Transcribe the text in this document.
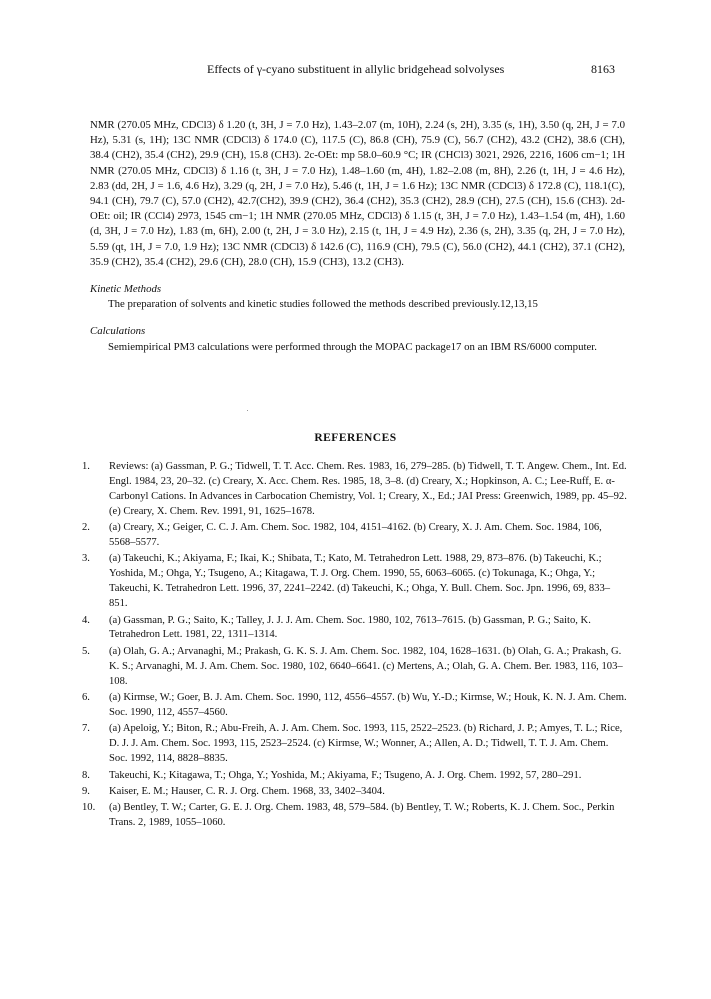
Effects of γ-cyano substituent in allylic bridgehead solvolyses	8163

NMR (270.05 MHz, CDCl3) δ 1.20 (t, 3H, J = 7.0 Hz), 1.43–2.07 (m, 10H), 2.24 (s, 2H), 3.35 (s, 1H), 3.50 (q, 2H, J = 7.0 Hz), 5.31 (s, 1H); 13C NMR (CDCl3) δ 174.0 (C), 117.5 (C), 86.8 (CH), 75.9 (C), 56.7 (CH2), 43.2 (CH2), 38.6 (CH), 38.4 (CH2), 35.4 (CH2), 29.9 (CH), 15.8 (CH3). 2c-OEt: mp 58.0–60.9 °C; IR (CHCl3) 3021, 2926, 2216, 1606 cm−1; 1H NMR (270.05 MHz, CDCl3) δ 1.16 (t, 3H, J = 7.0 Hz), 1.48–1.60 (m, 4H), 1.82–2.08 (m, 8H), 2.26 (t, 1H, J = 4.6 Hz), 2.83 (dd, 2H, J = 1.6, 4.6 Hz), 3.29 (q, 2H, J = 7.0 Hz), 5.46 (t, 1H, J = 1.6 Hz); 13C NMR (CDCl3) δ 172.8 (C), 118.1(C), 94.1 (CH), 79.7 (C), 57.0 (CH2), 42.7(CH2), 39.9 (CH2), 36.4 (CH2), 35.3 (CH2), 28.9 (CH), 27.5 (CH), 15.6 (CH3). 2d-OEt: oil; IR (CCl4) 2973, 1545 cm−1; 1H NMR (270.05 MHz, CDCl3) δ 1.15 (t, 3H, J = 7.0 Hz), 1.43–1.54 (m, 4H), 1.60 (d, 3H, J = 7.0 Hz), 1.83 (m, 6H), 2.00 (t, 2H, J = 3.0 Hz), 2.15 (t, 1H, J = 4.9 Hz), 2.36 (s, 2H), 3.35 (q, 2H, J = 7.0 Hz), 5.59 (qt, 1H, J = 7.0, 1.9 Hz); 13C NMR (CDCl3) δ 142.6 (C), 116.9 (CH), 79.5 (C), 56.0 (CH2), 44.1 (CH2), 37.1 (CH2), 35.9 (CH2), 35.4 (CH2), 29.6 (CH), 28.0 (CH), 15.9 (CH3), 13.2 (CH3).

Kinetic Methods

The preparation of solvents and kinetic studies followed the methods described previously.12,13,15

Calculations

Semiempirical PM3 calculations were performed through the MOPAC package17 on an IBM RS/6000 computer.

REFERENCES
1.	Reviews: (a) Gassman, P. G.; Tidwell, T. T. Acc. Chem. Res. 1983, 16, 279–285. (b) Tidwell, T. T. Angew. Chem., Int. Ed. Engl. 1984, 23, 20–32. (c) Creary, X. Acc. Chem. Res. 1985, 18, 3–8. (d) Creary, X.; Hopkinson, A. C.; Lee-Ruff, E. α-Carbonyl Cations. In Advances in Carbocation Chemistry, Vol. 1; Creary, X., Ed.; JAI Press: Greenwich, 1989, pp. 45–92. (e) Creary, X. Chem. Rev. 1991, 91, 1625–1678.
2.	(a) Creary, X.; Geiger, C. C. J. Am. Chem. Soc. 1982, 104, 4151–4162. (b) Creary, X. J. Am. Chem. Soc. 1984, 106, 5568–5577.
3.	(a) Takeuchi, K.; Akiyama, F.; Ikai, K.; Shibata, T.; Kato, M. Tetrahedron Lett. 1988, 29, 873–876. (b) Takeuchi, K.; Yoshida, M.; Ohga, Y.; Tsugeno, A.; Kitagawa, T. J. Org. Chem. 1990, 55, 6063–6065. (c) Tokunaga, K.; Ohga, Y.; Takeuchi, K. Tetrahedron Lett. 1996, 37, 2241–2242. (d) Takeuchi, K.; Ohga, Y. Bull. Chem. Soc. Jpn. 1996, 69, 833–851.
4.	(a) Gassman, P. G.; Saito, K.; Talley, J. J. J. Am. Chem. Soc. 1980, 102, 7613–7615. (b) Gassman, P. G.; Saito, K. Tetrahedron Lett. 1981, 22, 1311–1314.
5.	(a) Olah, G. A.; Arvanaghi, M.; Prakash, G. K. S. J. Am. Chem. Soc. 1982, 104, 1628–1631. (b) Olah, G. A.; Prakash, G. K. S.; Arvanaghi, M. J. Am. Chem. Soc. 1980, 102, 6640–6641. (c) Mertens, A.; Olah, G. A. Chem. Ber. 1983, 116, 103–108.
6.	(a) Kirmse, W.; Goer, B. J. Am. Chem. Soc. 1990, 112, 4556–4557. (b) Wu, Y.-D.; Kirmse, W.; Houk, K. N. J. Am. Chem. Soc. 1990, 112, 4557–4560.
7.	(a) Apeloig, Y.; Biton, R.; Abu-Freih, A. J. Am. Chem. Soc. 1993, 115, 2522–2523. (b) Richard, J. P.; Amyes, T. L.; Rice, D. J. J. Am. Chem. Soc. 1993, 115, 2523–2524. (c) Kirmse, W.; Wonner, A.; Allen, A. D.; Tidwell, T. T. J. Am. Chem. Soc. 1992, 114, 8828–8835.
8.	Takeuchi, K.; Kitagawa, T.; Ohga, Y.; Yoshida, M.; Akiyama, F.; Tsugeno, A. J. Org. Chem. 1992, 57, 280–291.
9.	Kaiser, E. M.; Hauser, C. R. J. Org. Chem. 1968, 33, 3402–3404.
10.	(a) Bentley, T. W.; Carter, G. E. J. Org. Chem. 1983, 48, 579–584. (b) Bentley, T. W.; Roberts, K. J. Chem. Soc., Perkin Trans. 2, 1989, 1055–1060.
